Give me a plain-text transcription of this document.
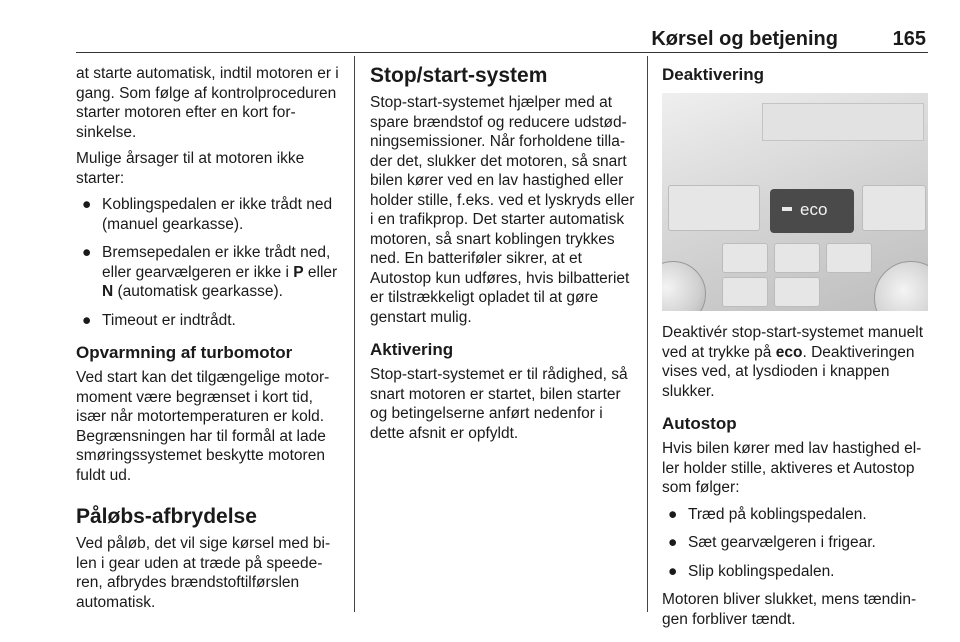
Kørsel og betjening	165

at starte automatisk, indtil motoren er i gang. Som følge af kontrolproceduren starter motoren efter en kort forsinkelse.

Mulige årsager til at motoren ikke starter:

● Koblingspedalen er ikke trådt ned (manuel gearkasse).
● Bremsepedalen er ikke trådt ned, eller gearvælgeren er ikke i P eller N (automatisk gearkasse).
● Timeout er indtrådt.
Opvarmning af turbomotor

Ved start kan det tilgængelige motormoment være begrænset i kort tid, især når motortemperaturen er kold. Begrænsningen har til formål at lade smøringssystemet beskytte motoren fuldt ud.

Påløbs-afbrydelse

Ved påløb, det vil sige kørsel med bilen i gear uden at træde på speederen, afbrydes brændstoftilførslen automatisk.

Stop/start-system

Stop-start-systemet hjælper med at spare brændstof og reducere udstødningsemissioner. Når forholdene tillader det, slukker det motoren, så snart bilen kører ved en lav hastighed eller holder stille, f.eks. ved et lyskryds eller i en trafikprop. Det starter automatisk motoren, så snart koblingen trykkes ned. En batteriføler sikrer, at et Autostop kun udføres, hvis bilbatteriet er tilstrækkeligt opladet til at gøre genstart mulig.

Aktivering

Stop-start-systemet er til rådighed, så snart motoren er startet, bilen starter og betingelserne anført nedenfor i dette afsnit er opfyldt.

Deaktivering
eco

Deaktivér stop-start-systemet manuelt ved at trykke på eco. Deaktiveringen vises ved, at lysdioden i knappen slukker.

Autostop

Hvis bilen kører med lav hastighed eller holder stille, aktiveres et Autostop som følger:

● Træd på koblingspedalen.
● Sæt gearvælgeren i frigear.
● Slip koblingspedalen.

Motoren bliver slukket, mens tændingen forbliver tændt.
